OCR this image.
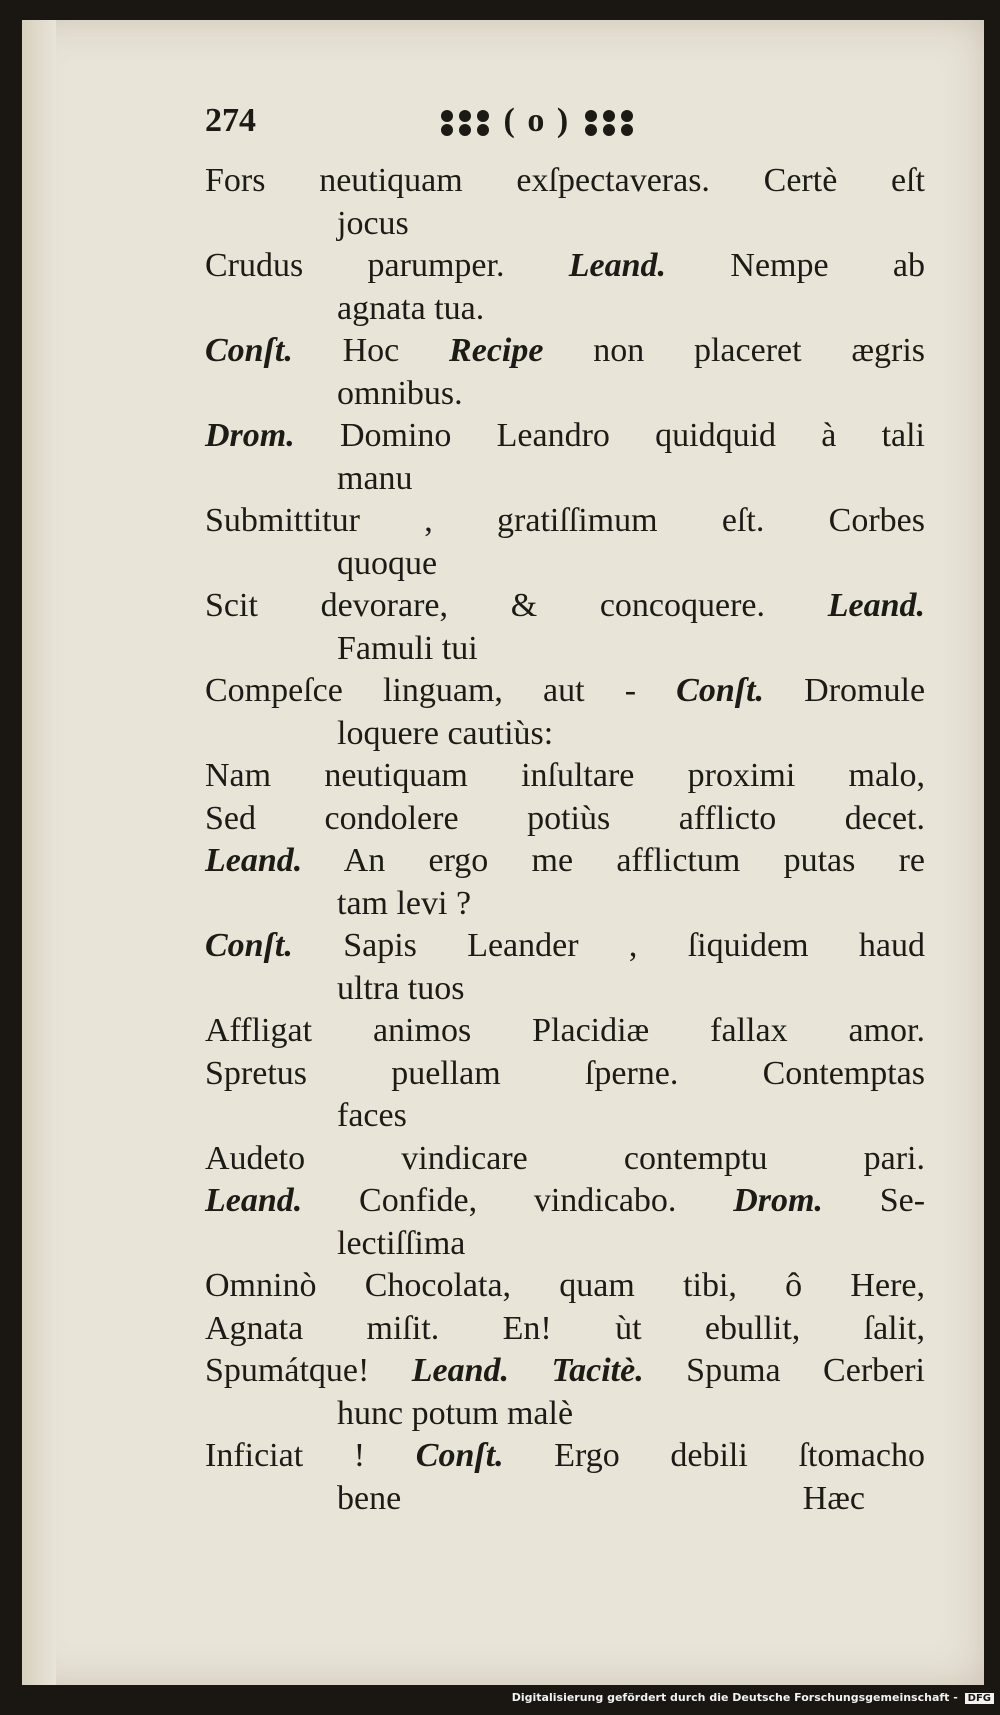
274	( o )
Fors neutiquam exſpectaveras. Certè eſt
jocus
Crudus parumper. Leand. Nempe ab
agnata tua.
Conſt. Hoc Recipe non placeret ægris
omnibus.
Drom. Domino Leandro quidquid à tali
manu
Submittitur , gratiſſimum eſt. Corbes
quoque
Scit devorare, & concoquere. Leand.
Famuli tui
Compeſce linguam, aut - Conſt. Dromule
loquere cautiùs:
Nam neutiquam inſultare proximi malo,
Sed condolere potiùs afflicto decet.
Leand. An ergo me afflictum putas re
tam levi ?
Conſt. Sapis Leander , ſiquidem haud
ultra tuos
Affligat animos Placidiæ fallax amor.
Spretus puellam ſperne. Contemptas
faces
Audeto vindicare contemptu pari.
Leand. Confide, vindicabo. Drom. Se-
lectiſſima
Omninò Chocolata, quam tibi, ô Here,
Agnata miſit. En! ùt ebullit, ſalit,
Spumátque! Leand. Tacitè. Spuma Cerberi
hunc potum malè
Inficiat ! Conſt. Ergo debili ſtomacho
bene	Hæc
Digitalisierung gefördert durch die Deutsche Forschungsgemeinschaft - DFG
